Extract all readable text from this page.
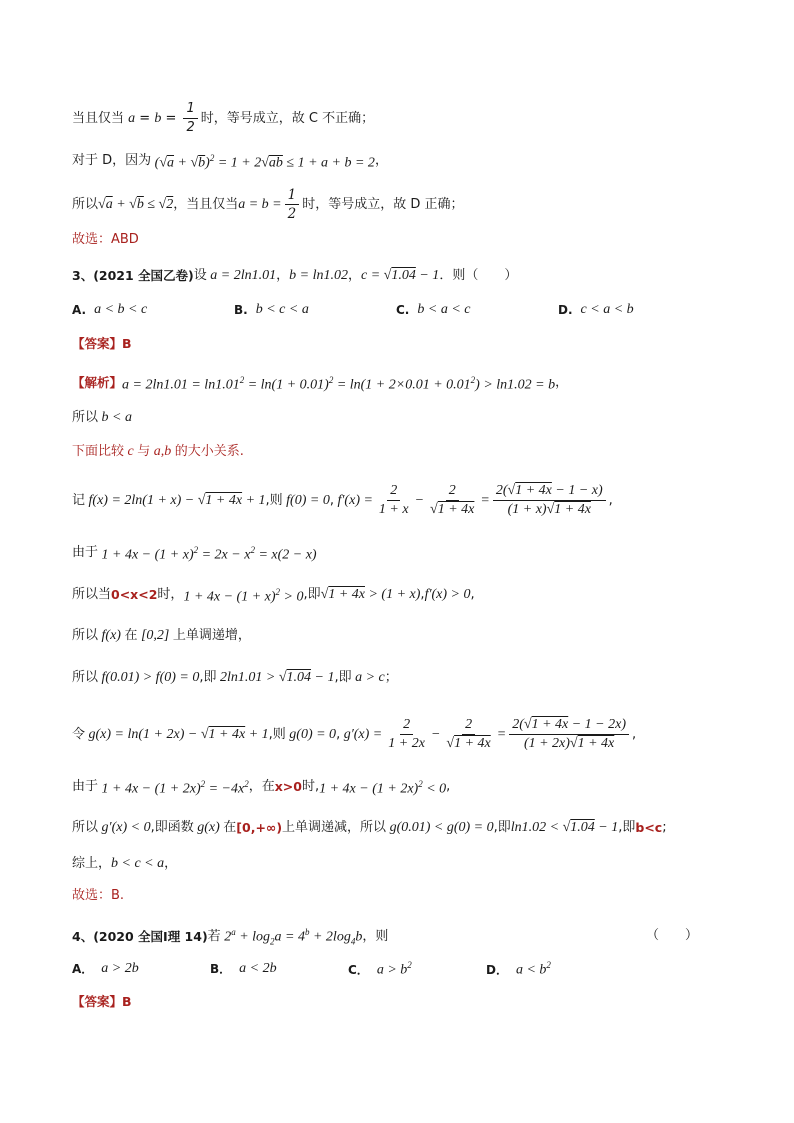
当且仅当 $a = b = \frac{1}{2}$ 时，等号成立，故 C 不正确；
对于 D，因为 $(√a + √b)^2 = 1 + 2√ab \le 1 + a + b = 2$ ，
所以 √a + √b ≤ √2 ，当且仅当 $a = b = \frac{1}{2}$ 时，等号成立，故 D 正确；
故选：ABD
3、(2021 全国乙卷) 设 a = 2ln1.01 ， b = ln1.02 ， c = √1.04 − 1 ．则（　　）
A. a < b < c	B. b < c < a	C. b < a < c	D. c < a < b
【答案】B
【解析】 $a = 2\ln 1.01 = \ln 1.01^2 = \ln(1 + 0.01)^2 = \ln(1 + 2\times 0.01 + 0.01^2) > \ln 1.02 = b$ ，
所以 b < a
下面比较 c 与 a,b 的大小关系.
记 f(x) = 2ln(1 + x) − √1 + 4x + 1 ,则 f(0) = 0 , $f'(x) = \frac{2}{1 + x} - \frac{2}{√1 + 4x} = \frac{2(√1 + 4x - 1 - x)}{(1 + x)√1 + 4x}$ ,
由于 $1 + 4x - (1 + x)^2 = 2x - x^2 = x(2 - x)$
所以当 0<x<2 时， $1 + 4x - (1 + x)^2 > 0$ ,即 √1 + 4x > (1 + x) , f′(x) > 0 ,
所以 f(x) 在 [0,2] 上单调递增，
所以 f(0.01) > f(0) = 0 ,即 2ln1.01 > √1.04 − 1 ,即 a > c ；
令 g(x) = ln(1 + 2x) − √1 + 4x + 1 ,则 g(0) = 0 , $g'(x) = \frac{2}{1 + 2x} - \frac{2}{√1 + 4x} = \frac{2(√1 + 4x - 1 - 2x)}{(1 + 2x)√1 + 4x}$ ,
由于 $1 + 4x - (1 + 2x)^2 = -4x^2$ ，在 x>0 时, $1 + 4x - (1 + 2x)^2 < 0$ ,
所以 g′(x) < 0 ,即函数 g(x) 在 [0,+∞) 上单调递减，所以 g(0.01) < g(0) = 0 ,即 ln1.02 < √1.04 − 1 ,即 b<c ;
综上， b < c < a ，
故选：B.
4、(2020 全国Ⅰ理 14) 若 $2^a + \log_2a = 4^b + 2\log_4b$ ，则	（　　）
A． a > 2b	B． a < 2b	C． $a > b^2$	D． $a < b^2$
【答案】B
